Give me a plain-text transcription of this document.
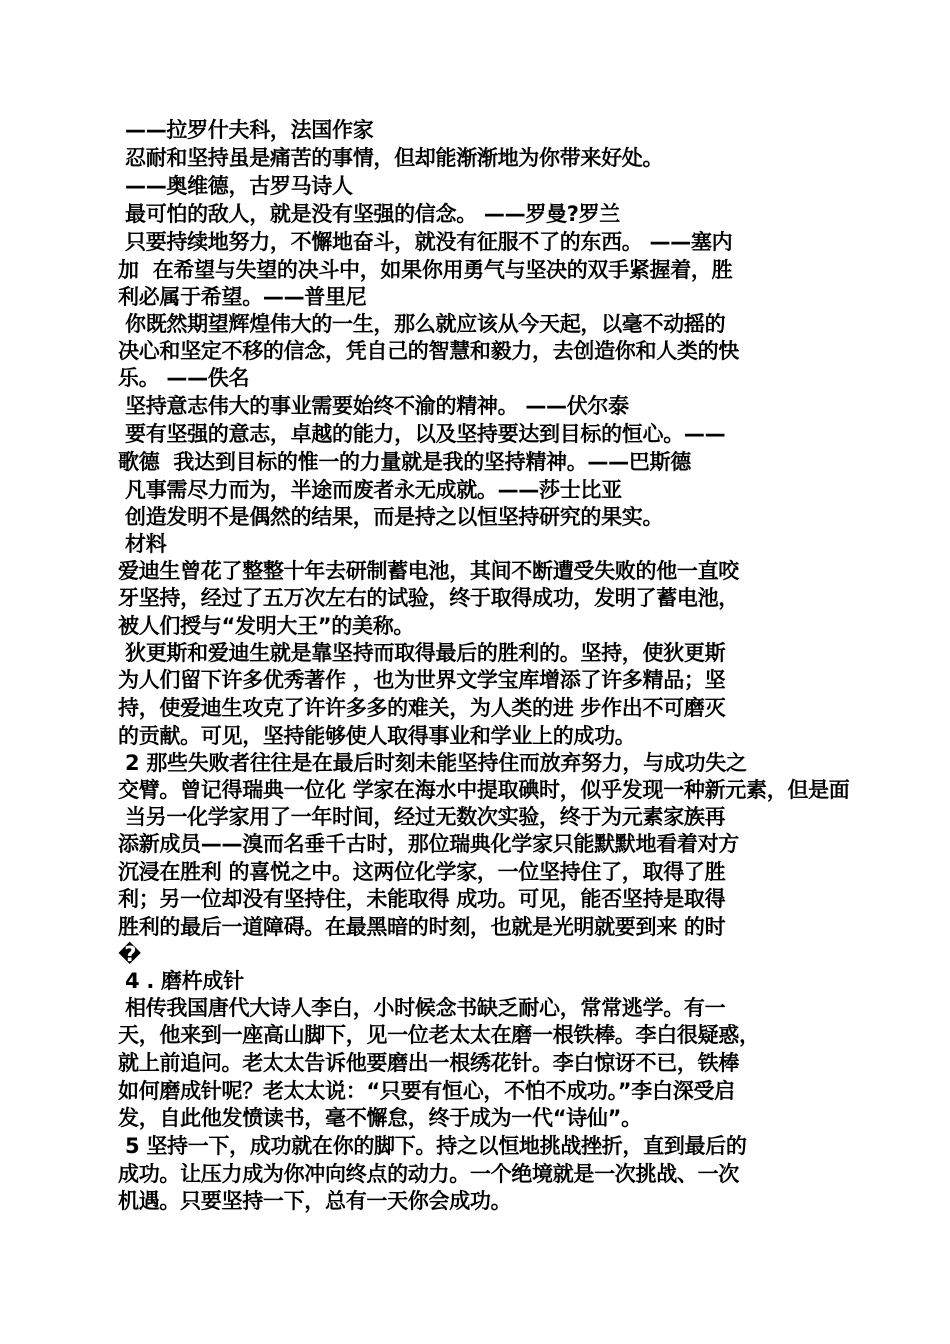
——拉罗什夫科，法国作家
忍耐和坚持虽是痛苦的事情，但却能渐渐地为你带来好处。
——奥维德，古罗马诗人
最可怕的敌人，就是没有坚强的信念。 ——罗曼?罗兰
只要持续地努力，不懈地奋斗，就没有征服不了的东西。 ——塞内
加  在希望与失望的决斗中，如果你用勇气与坚决的双手紧握着，胜
利必属于希望。——普里尼
你既然期望辉煌伟大的一生，那么就应该从今天起，以毫不动摇的
决心和坚定不移的信念，凭自己的智慧和毅力，去创造你和人类的快
乐。 ——佚名
坚持意志伟大的事业需要始终不渝的精神。 ——伏尔泰
要有坚强的意志，卓越的能力，以及坚持要达到目标的恒心。——
歌德  我达到目标的惟一的力量就是我的坚持精神。——巴斯德
凡事需尽力而为，半途而废者永无成就。——莎士比亚
创造发明不是偶然的结果，而是持之以恒坚持研究的果实。
材料
爱迪生曾花了整整十年去研制蓄电池，其间不断遭受失败的他一直咬
牙坚持，经过了五万次左右的试验，终于取得成功，发明了蓄电池，
被人们授与“发明大王”的美称。
狄更斯和爱迪生就是靠坚持而取得最后的胜利的。坚持，使狄更斯
为人们留下许多优秀著作 ，也为世界文学宝库增添了许多精品；坚
持，使爱迪生攻克了许许多多的难关，为人类的进 步作出不可磨灭
的贡献。可见，坚持能够使人取得事业和学业上的成功。
2 那些失败者往往是在最后时刻未能坚持住而放弃努力，与成功失之
交臂。曾记得瑞典一位化 学家在海水中提取碘时，似乎发现一种新元素，但是面
当另一化学家用了一年时间，经过无数次实验，终于为元素家族再
添新成员——溴而名垂千古时，那位瑞典化学家只能默默地看着对方
沉浸在胜利 的喜悦之中。这两位化学家，一位坚持住了，取得了胜
利；另一位却没有坚持住，未能取得 成功。可见，能否坚持是取得
胜利的最后一道障碍。在最黑暗的时刻，也就是光明就要到来 的时
�
4 . 磨杵成针
相传我国唐代大诗人李白，小时候念书缺乏耐心，常常逃学。有一
天，他来到一座高山脚下，见一位老太太在磨一根铁棒。李白很疑惑，
就上前追问。老太太告诉他要磨出一根绣花针。李白惊讶不已，铁棒
如何磨成针呢？老太太说：“只要有恒心，不怕不成功。”李白深受启
发，自此他发愤读书，毫不懈怠，终于成为一代“诗仙”。
5 坚持一下，成功就在你的脚下。持之以恒地挑战挫折，直到最后的
成功。让压力成为你冲向终点的动力。一个绝境就是一次挑战、一次
机遇。只要坚持一下，总有一天你会成功。
